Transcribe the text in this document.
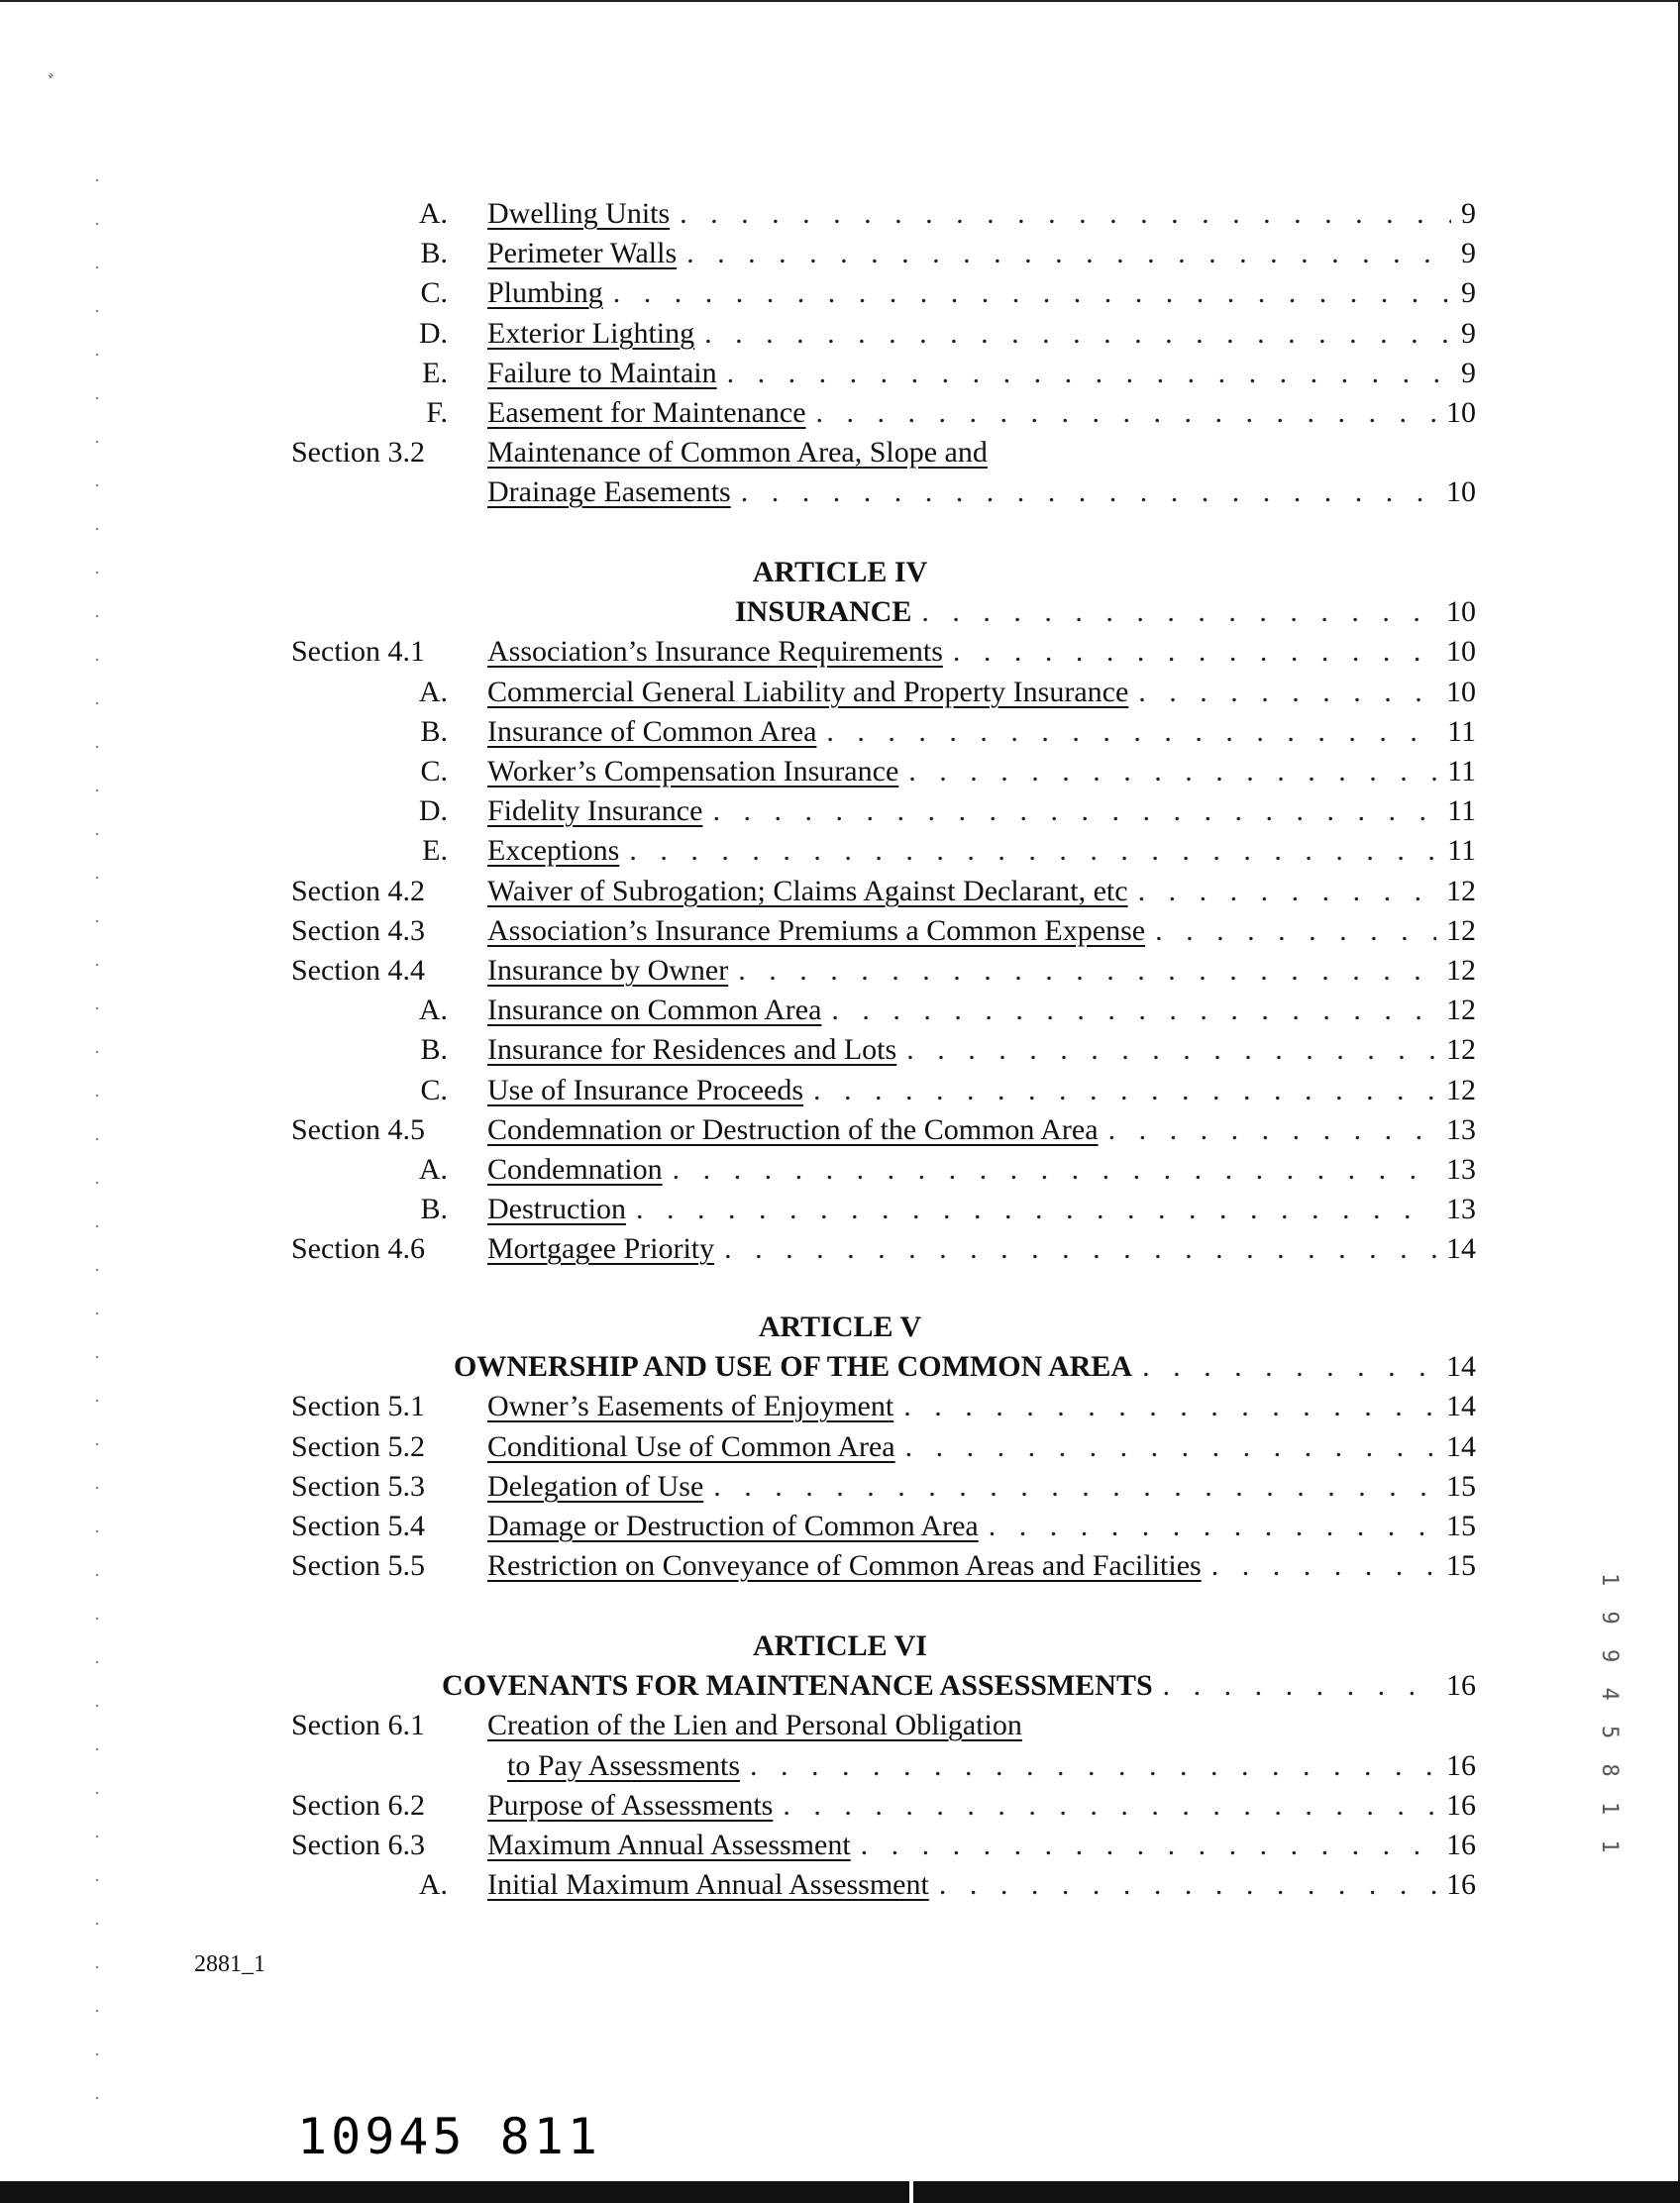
ﾞ
A. Dwelling Units . . .	9
B. Perimeter Walls . . .	9
C. Plumbing . . .	9
D. Exterior Lighting . . .	9
E. Failure to Maintain . . .	9
F. Easement for Maintenance . . .	10
Section 3.2 Maintenance of Common Area, Slope and
Drainage Easements . . .	10
ARTICLE IV
INSURANCE . . .	10
Section 4.1 Association’s Insurance Requirements . . .	10
A. Commercial General Liability and Property Insurance . . .	10
B. Insurance of Common Area . . .	11
C. Worker’s Compensation Insurance . . .	11
D. Fidelity Insurance . . .	11
E. Exceptions . . .	11
Section 4.2 Waiver of Subrogation; Claims Against Declarant, etc . . .	12
Section 4.3 Association’s Insurance Premiums a Common Expense . . .	12
Section 4.4 Insurance by Owner . . .	12
A. Insurance on Common Area . . .	12
B. Insurance for Residences and Lots . . .	12
C. Use of Insurance Proceeds . . .	12
Section 4.5 Condemnation or Destruction of the Common Area . . .	13
A. Condemnation . . .	13
B. Destruction . . .	13
Section 4.6 Mortgagee Priority . . .	14
ARTICLE V
OWNERSHIP AND USE OF THE COMMON AREA . . .	14
Section 5.1 Owner’s Easements of Enjoyment . . .	14
Section 5.2 Conditional Use of Common Area . . .	14
Section 5.3 Delegation of Use . . .	15
Section 5.4 Damage or Destruction of Common Area . . .	15
Section 5.5 Restriction on Conveyance of Common Areas and Facilities . . .	15
ARTICLE VI
COVENANTS FOR MAINTENANCE ASSESSMENTS . . .	16
Section 6.1 Creation of the Lien and Personal Obligation
to Pay Assessments . . .	16
Section 6.2 Purpose of Assessments . . .	16
Section 6.3 Maximum Annual Assessment . . .	16
A. Initial Maximum Annual Assessment . . .	16
2881_1
10945 811
1 9 9 4 5 8 1 1
